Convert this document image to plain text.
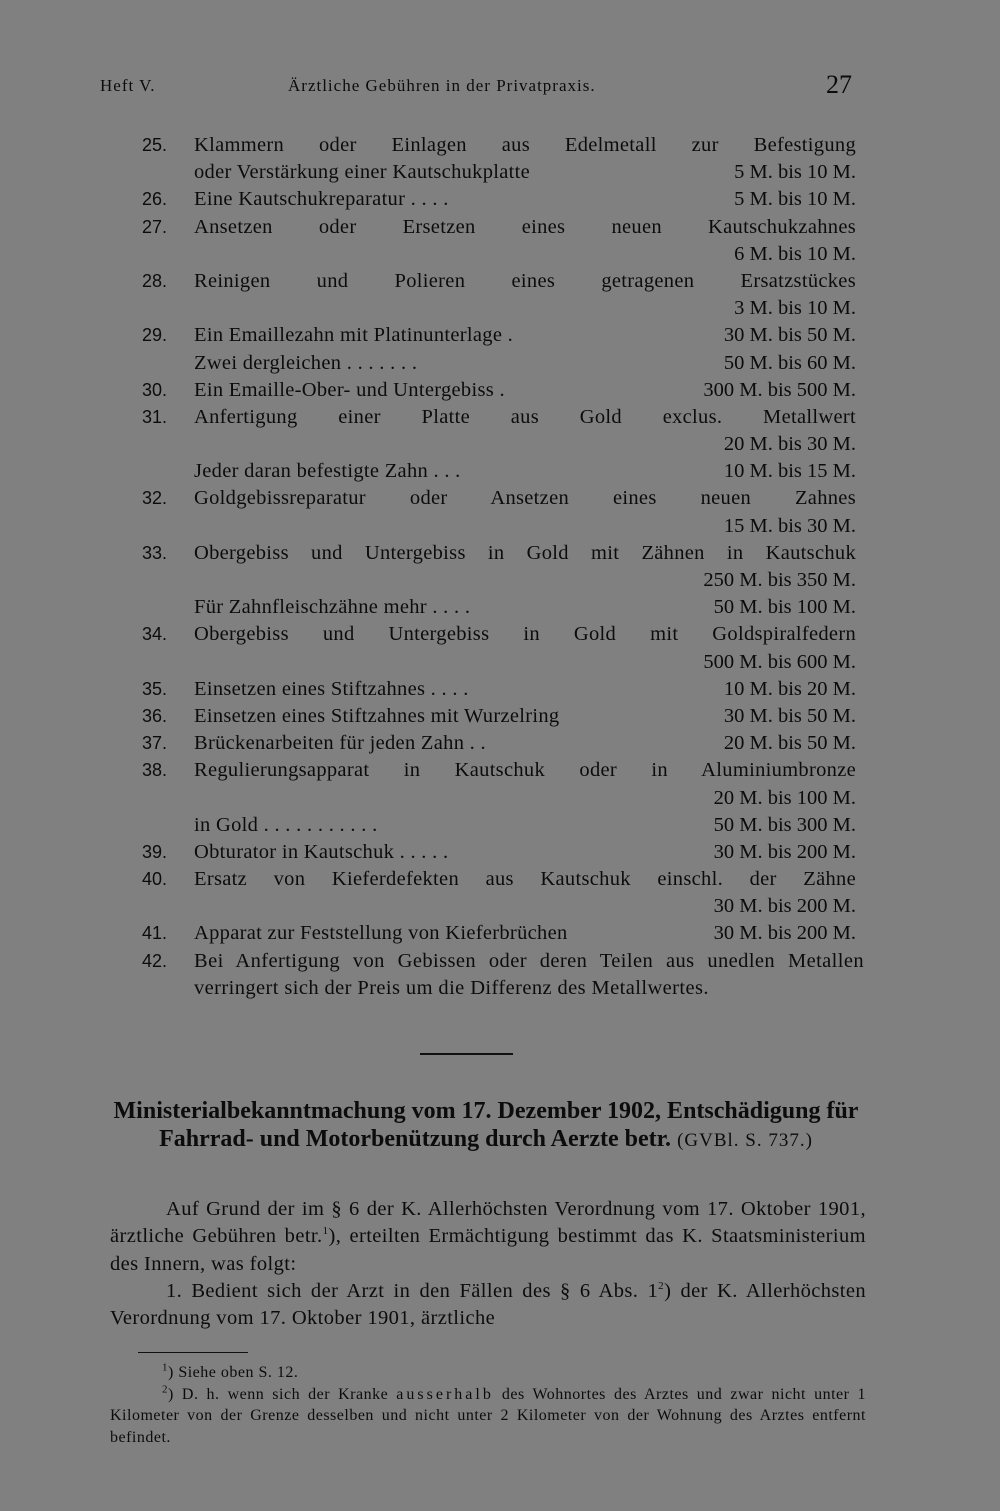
Heft V.	Ärztliche Gebühren in der Privatpraxis.	27
25.	Klammern oder Einlagen aus Edelmetall zur Befestigung
oder Verstärkung einer Kautschukplatte	5 M. bis 10 M.
26.	Eine Kautschukreparatur . . . .	5 M. bis 10 M.
27.	Ansetzen oder Ersetzen eines neuen Kautschukzahnes
6 M. bis 10 M.
28.	Reinigen und Polieren eines getragenen Ersatzstückes
3 M. bis 10 M.
29.	Ein Emaillezahn mit Platinunterlage .	30 M. bis 50 M.
Zwei dergleichen . . . . . . .	50 M. bis 60 M.
30.	Ein Emaille-Ober- und Untergebiss .	300 M. bis 500 M.
31.	Anfertigung einer Platte aus Gold exclus. Metallwert
20 M. bis 30 M.
Jeder daran befestigte Zahn . . .	10 M. bis 15 M.
32.	Goldgebissreparatur oder Ansetzen eines neuen Zahnes
15 M. bis 30 M.
33.	Obergebiss und Untergebiss in Gold mit Zähnen in Kautschuk
250 M. bis 350 M.
Für Zahnfleischzähne mehr . . . .	50 M. bis 100 M.
34.	Obergebiss und Untergebiss in Gold mit Goldspiralfedern
500 M. bis 600 M.
35.	Einsetzen eines Stiftzahnes . . . .	10 M. bis 20 M.
36.	Einsetzen eines Stiftzahnes mit Wurzelring	30 M. bis 50 M.
37.	Brückenarbeiten für jeden Zahn . .	20 M. bis 50 M.
38.	Regulierungsapparat in Kautschuk oder in Aluminiumbronze
20 M. bis 100 M.
in Gold . . . . . . . . . . .	50 M. bis 300 M.
39.	Obturator in Kautschuk . . . . .	30 M. bis 200 M.
40.	Ersatz von Kieferdefekten aus Kautschuk einschl. der Zähne
30 M. bis 200 M.
41.	Apparat zur Feststellung von Kieferbrüchen	30 M. bis 200 M.
42.	Bei Anfertigung von Gebissen oder deren Teilen aus unedlen Metallen verringert sich der Preis um die Differenz des Metallwertes.
Ministerialbekanntmachung vom 17. Dezember 1902, Entschädigung für Fahrrad- und Motorbenützung durch Aerzte betr. (GVBl. S. 737.)

Auf Grund der im § 6 der K. Allerhöchsten Verordnung vom 17. Oktober 1901, ärztliche Gebühren betr.$^1$), erteilten Ermächtigung bestimmt das K. Staatsministerium des Innern, was folgt:

1. Bedient sich der Arzt in den Fällen des § 6 Abs. $1^2$) der K. Allerhöchsten Verordnung vom 17. Oktober 1901, ärztliche

$^1$) Siehe oben S. 12.

$^2$) D. h. wenn sich der Kranke ausserhalb des Wohnortes des Arztes und zwar nicht unter 1 Kilometer von der Grenze desselben und nicht unter 2 Kilometer von der Wohnung des Arztes entfernt befindet.
